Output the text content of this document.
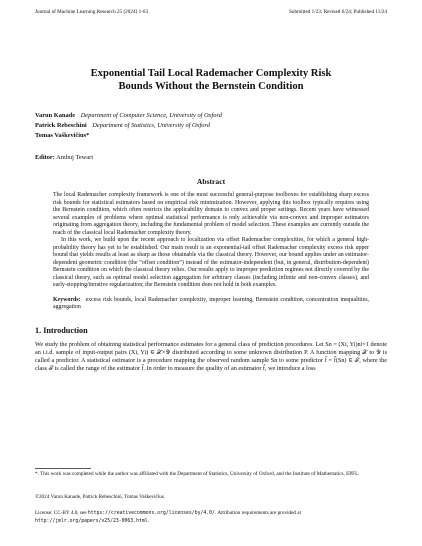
Journal of Machine Learning Research 25 (2024) 1-63	Submitted 1/23; Revised 6/24; Published 11/24
Exponential Tail Local Rademacher Complexity Risk
Bounds Without the Bernstein Condition
Varun Kanade Department of Computer Science, University of Oxford
Patrick Rebeschini Department of Statistics, University of Oxford
Tomas Vaškevičius*
Editor: Ambuj Tewari
Abstract

The local Rademacher complexity framework is one of the most successful general-purpose toolboxes for establishing sharp excess risk bounds for statistical estimators based on empirical risk minimization. However, applying this toolbox typically requires using the Bernstein condition, which often restricts the applicability domain to convex and proper settings. Recent years have witnessed several examples of problems where optimal statistical performance is only achievable via non-convex and improper estimators originating from aggregation theory, including the fundamental problem of model selection. These examples are currently outside the reach of the classical local Rademacher complexity theory.

In this work, we build upon the recent approach to localization via offset Rademacher complexities, for which a general high-probability theory has yet to be established. Our main result is an exponential-tail offset Rademacher complexity excess risk upper bound that yields results at least as sharp as those obtainable via the classical theory. However, our bound applies under an estimator-dependent geometric condition (the “offset condition”) instead of the estimator-independent (but, in general, distribution-dependent) Bernstein condition on which the classical theory relies. Our results apply to improper prediction regimes not directly covered by the classical theory, such as optimal model selection aggregation for arbitrary classes (including infinite and non-convex classes), and early-stopping/iterative regularization; the Bernstein condition does not hold in both examples.

Keywords: excess risk bounds, local Rademacher complexity, improper learning, Bernstein condition, concentration inequalities, aggregation
1. Introduction
We study the problem of obtaining statistical performance estimates for a general class of prediction procedures. Let Sn = (Xi, Yi)ni=1 denote an i.i.d. sample of input-output pairs (Xi, Yi) ∈ 𝒳×𝒴 distributed according to some unknown distribution P. A function mapping 𝒳 to 𝒴 is called a predictor. A statistical estimator is a procedure mapping the observed random sample Sn to some predictor f̂ = f̂(Sn) ∈ ℱ, where the class ℱ is called the range of the estimator f̂. In order to measure the quality of an estimator f̂, we introduce a loss
*. This work was completed while the author was affiliated with the Department of Statistics, University of Oxford, and the Institute of Mathematics, EPFL.
©2024 Varun Kanade, Patrick Rebeschini, Tomas Vaškevičius.
License: CC-BY 4.0, see https://creativecommons.org/licenses/by/4.0/. Attribution requirements are provided at http://jmlr.org/papers/v25/23-0063.html.
